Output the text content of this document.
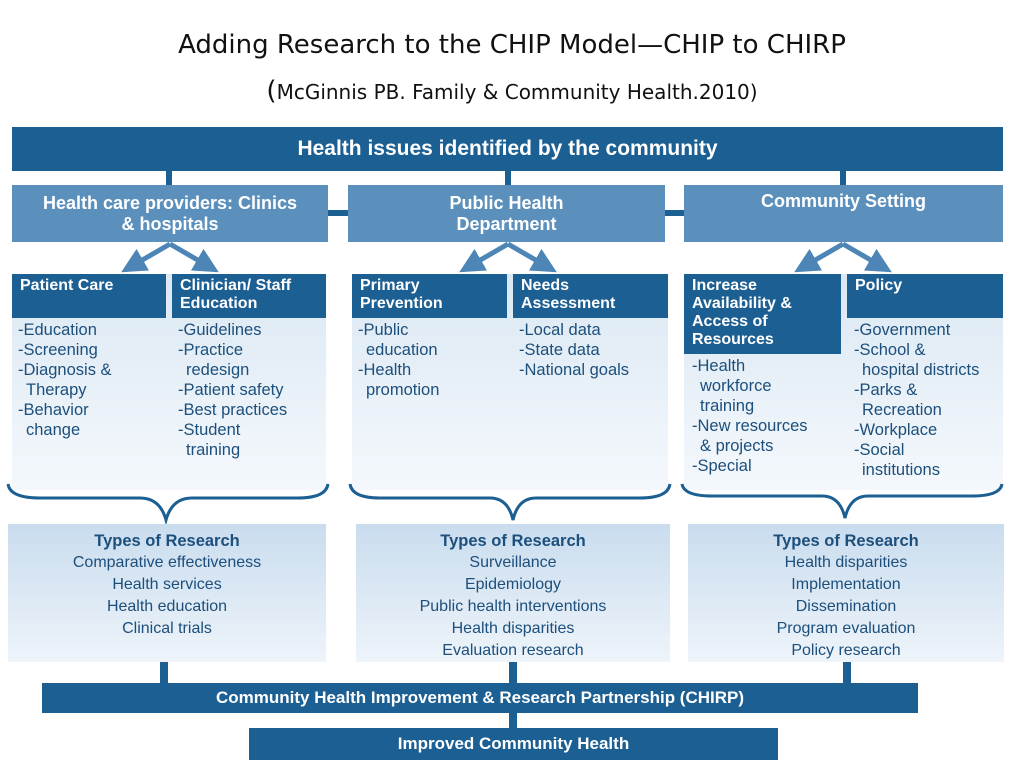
Adding Research to the CHIP Model—CHIP to CHIRP
(McGinnis PB. Family & Community Health.2010)
Health issues identified by the community
Health care providers: Clinics & hospitals
Public Health Department
Community Setting
Patient Care	Clinician/ Staff Education
-Education
-Screening
-Diagnosis &
Therapy
-Behavior
change
-Guidelines
-Practice
redesign
-Patient safety
-Best practices
-Student
training
Primary Prevention
Needs Assessment
-Public
education
-Health
promotion
-Local data
-State data
-National goals
Increase Availability & Access of Resources
Policy
-Health
workforce
training
-New resources
& projects
-Special
-Government
-School &
hospital districts
-Parks &
Recreation
-Workplace
-Social
institutions
Types of Research
Comparative effectiveness
Health services
Health education
Clinical trials
Types of Research
Surveillance
Epidemiology
Public health interventions
Health disparities
Evaluation research
Types of Research
Health disparities
Implementation
Dissemination
Program evaluation
Policy research
Community Health Improvement & Research Partnership (CHIRP)
Improved Community Health
